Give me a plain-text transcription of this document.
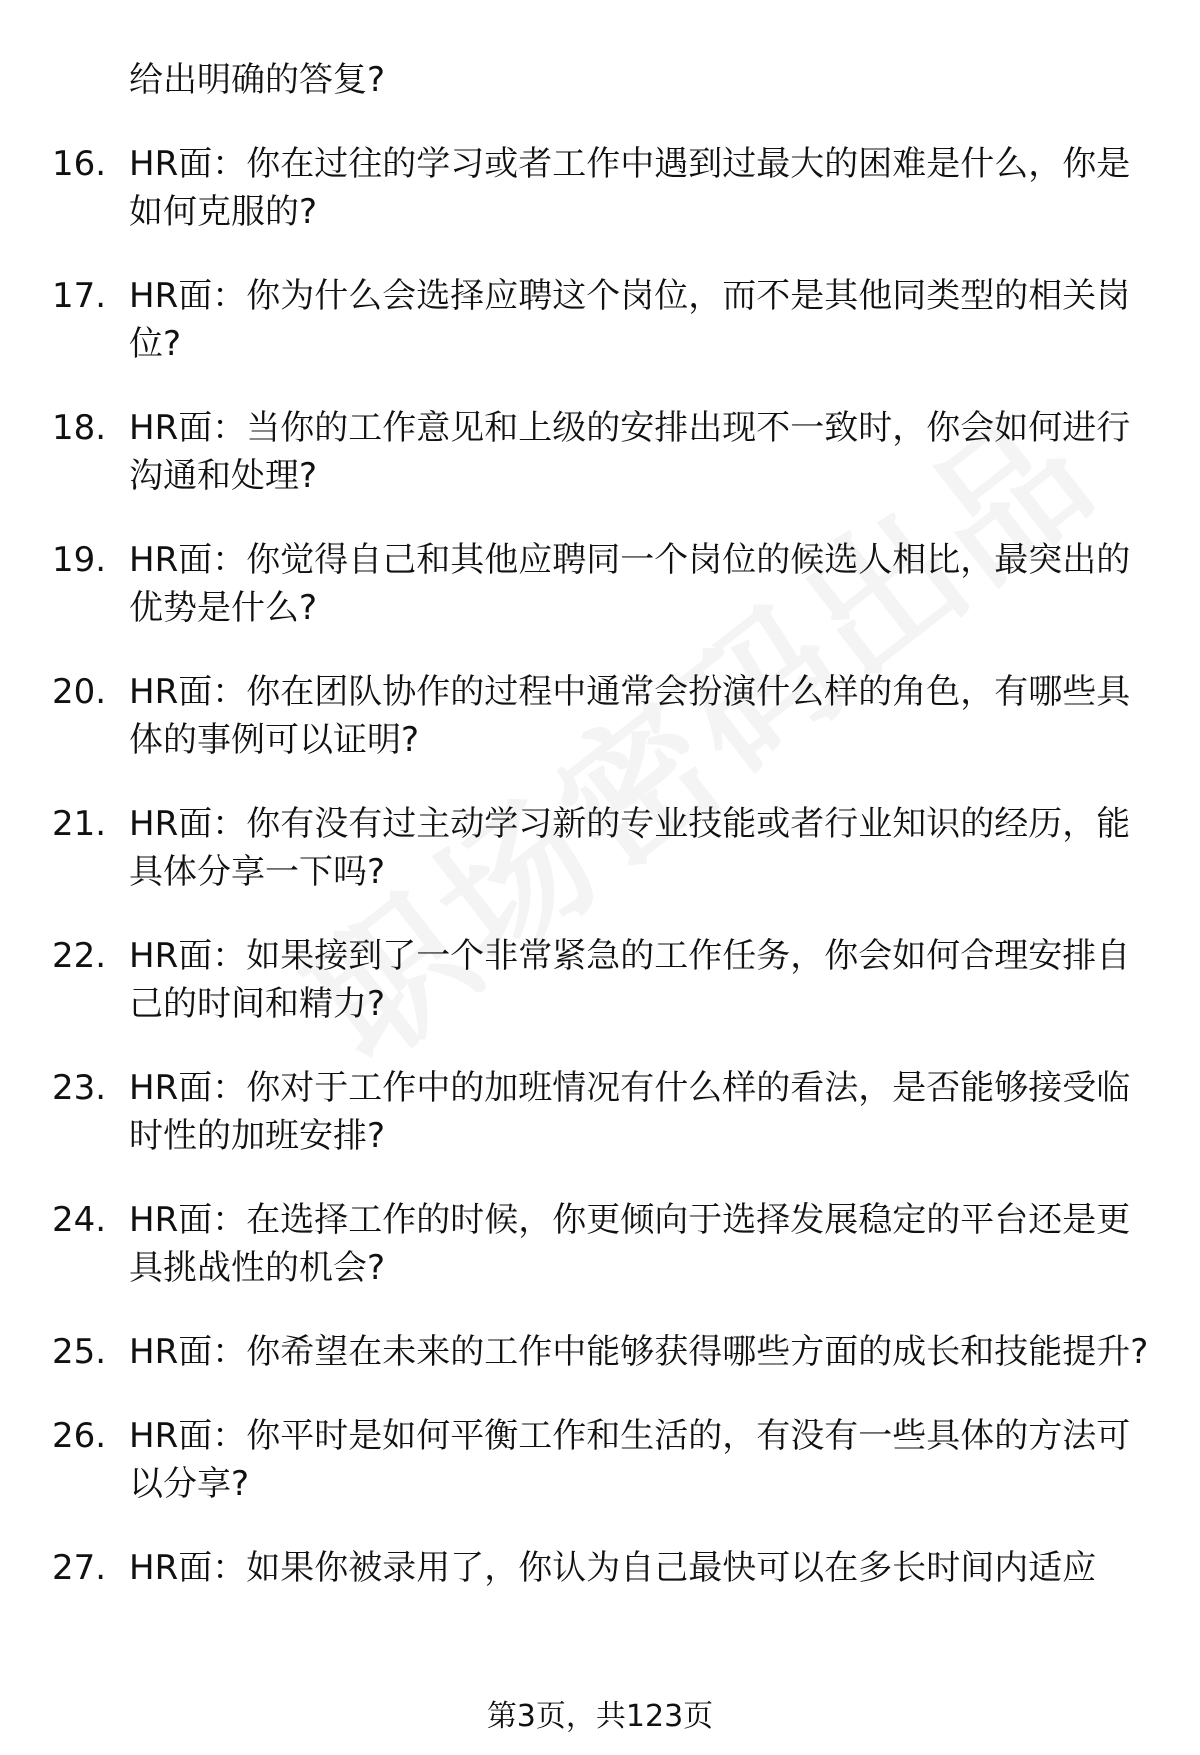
给出明确的答复?
16. HR面：你在过往的学习或者工作中遇到过最大的困难是什么，你是如何克服的?
17. HR面：你为什么会选择应聘这个岗位，而不是其他同类型的相关岗位?
18. HR面：当你的工作意见和上级的安排出现不一致时，你会如何进行沟通和处理?
19. HR面：你觉得自己和其他应聘同一个岗位的候选人相比，最突出的优势是什么?
20. HR面：你在团队协作的过程中通常会扮演什么样的角色，有哪些具体的事例可以证明?
21. HR面：你有没有过主动学习新的专业技能或者行业知识的经历，能具体分享一下吗?
22. HR面：如果接到了一个非常紧急的工作任务，你会如何合理安排自己的时间和精力?
23. HR面：你对于工作中的加班情况有什么样的看法，是否能够接受临时性的加班安排?
24. HR面：在选择工作的时候，你更倾向于选择发展稳定的平台还是更具挑战性的机会?
25. HR面：你希望在未来的工作中能够获得哪些方面的成长和技能提升?
26. HR面：你平时是如何平衡工作和生活的，有没有一些具体的方法可以分享?
27. HR面：如果你被录用了，你认为自己最快可以在多长时间内适应
第3页，共123页
